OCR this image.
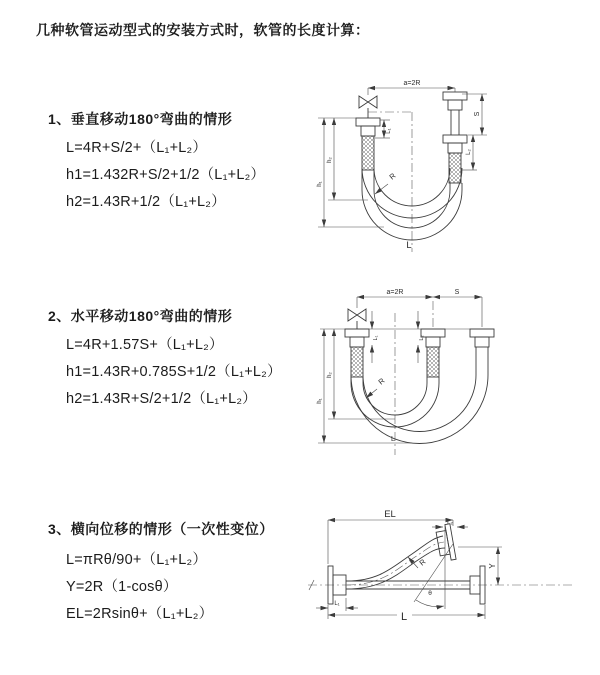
几种软管运动型式的安装方式时，软管的长度计算：
1、垂直移动180°弯曲的情形
L=4R+S/2+（L₁+L₂）
h1=1.432R+S/2+1/2（L₁+L₂）
h2=1.43R+1/2（L₁+L₂）
2、水平移动180°弯曲的情形
L=4R+1.57S+（L₁+L₂）
h1=1.43R+0.785S+1/2（L₁+L₂）
h2=1.43R+S/2+1/2（L₁+L₂）
3、横向位移的情形（一次性变位）
L=πRθ/90+（L₁+L₂）
Y=2R（1-cosθ）
EL=2Rsinθ+（L₁+L₂）
a=2R
S
L₂
h₂
h₁
L₁
R
L
a=2R	S
L₁	L₂
h₂
h₁
R
L
θ
R
EL
L₂
Y
L
L₁
